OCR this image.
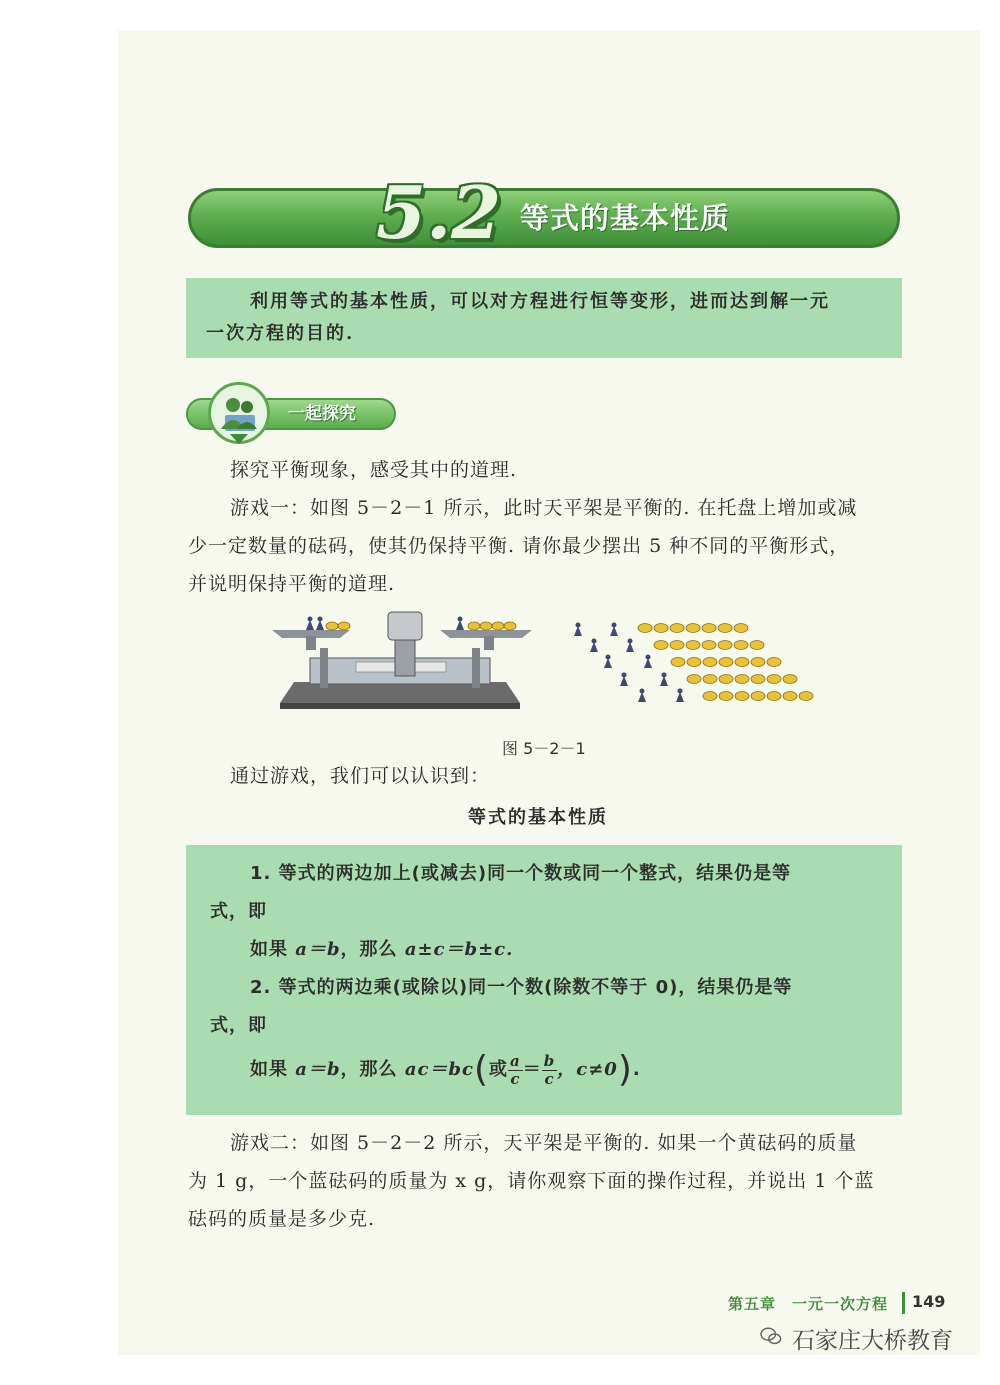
5.2 等式的基本性质

利用等式的基本性质，可以对方程进行恒等变形，进而达到解一元

一次方程的目的.

一起探究
探究平衡现象，感受其中的道理.
游戏一：如图 5－2－1 所示，此时天平架是平衡的. 在托盘上增加或减
少一定数量的砝码，使其仍保持平衡. 请你最少摆出 5 种不同的平衡形式，
并说明保持平衡的道理.
图 5－2－1
通过游戏，我们可以认识到：
等式的基本性质
1. 等式的两边加上(或减去)同一个数或同一个整式，结果仍是等
式，即
如果 a＝b，那么 a±c＝b±c.
2. 等式的两边乘(或除以)同一个数(除数不等于 0)，结果仍是等
式，即
如果 a＝b，那么 ac＝bc(或 $\frac{a}{c} = \frac{b}{c}$ ，c≠0).
游戏二：如图 5－2－2 所示，天平架是平衡的. 如果一个黄砝码的质量
为 1 g，一个蓝砝码的质量为 x g，请你观察下面的操作过程，并说出 1 个蓝
砝码的质量是多少克.
第五章　一元一次方程 149
石家庄大桥教育
